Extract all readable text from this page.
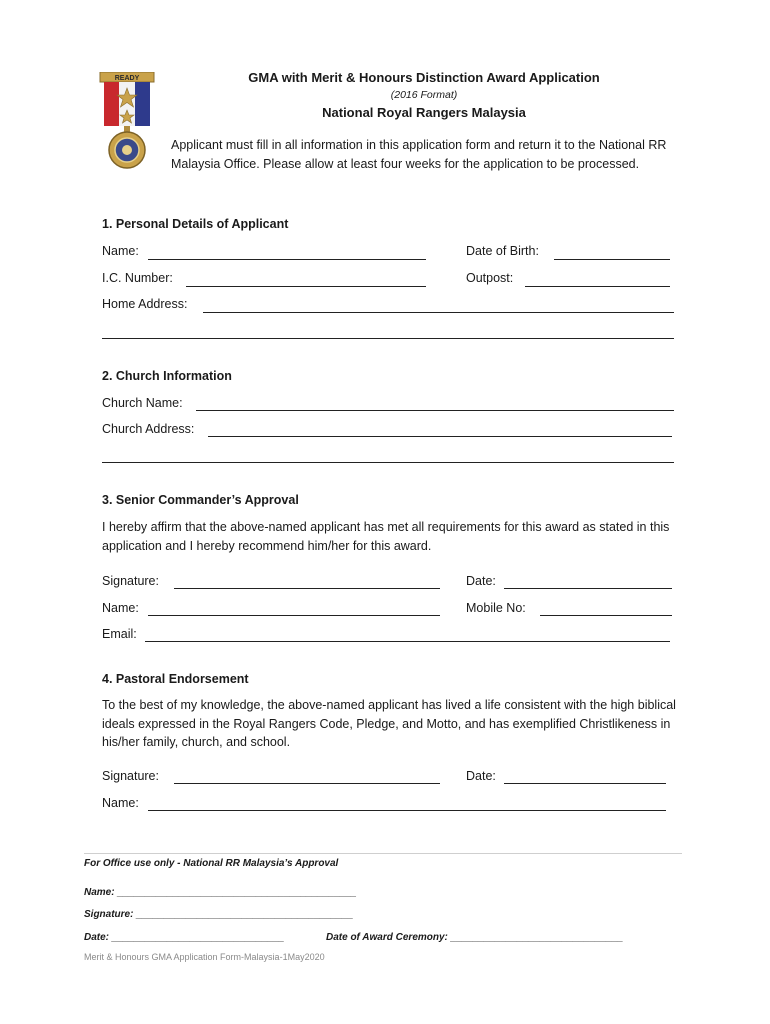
READY	GMA with Merit & Honours Distinction Award Application
(2016 Format)
National Royal Rangers Malaysia
Applicant must fill in all information in this application form and return it to the National RR Malaysia Office. Please allow at least four weeks for the application to be processed.
1. Personal Details of Applicant
Name:	Date of Birth:
I.C. Number:	Outpost:
Home Address:
2. Church Information
Church Name:
Church Address:
3. Senior Commander’s Approval
I hereby affirm that the above-named applicant has met all requirements for this award as stated in this application and I hereby recommend him/her for this award.
Signature:	Date:
Name:	Mobile No:
Email:
4. Pastoral Endorsement
To the best of my knowledge, the above-named applicant has lived a life consistent with the high biblical ideals expressed in the Royal Rangers Code, Pledge, and Motto, and has exemplified Christlikeness in his/her family, church, and school.
Signature:	Date:
Name:
For Office use only - National RR Malaysia’s Approval
Name: ___________________________________________
Signature: _______________________________________
Date: _______________________________	Date of Award Ceremony: _______________________________
Merit & Honours GMA Application Form-Malaysia-1May2020
